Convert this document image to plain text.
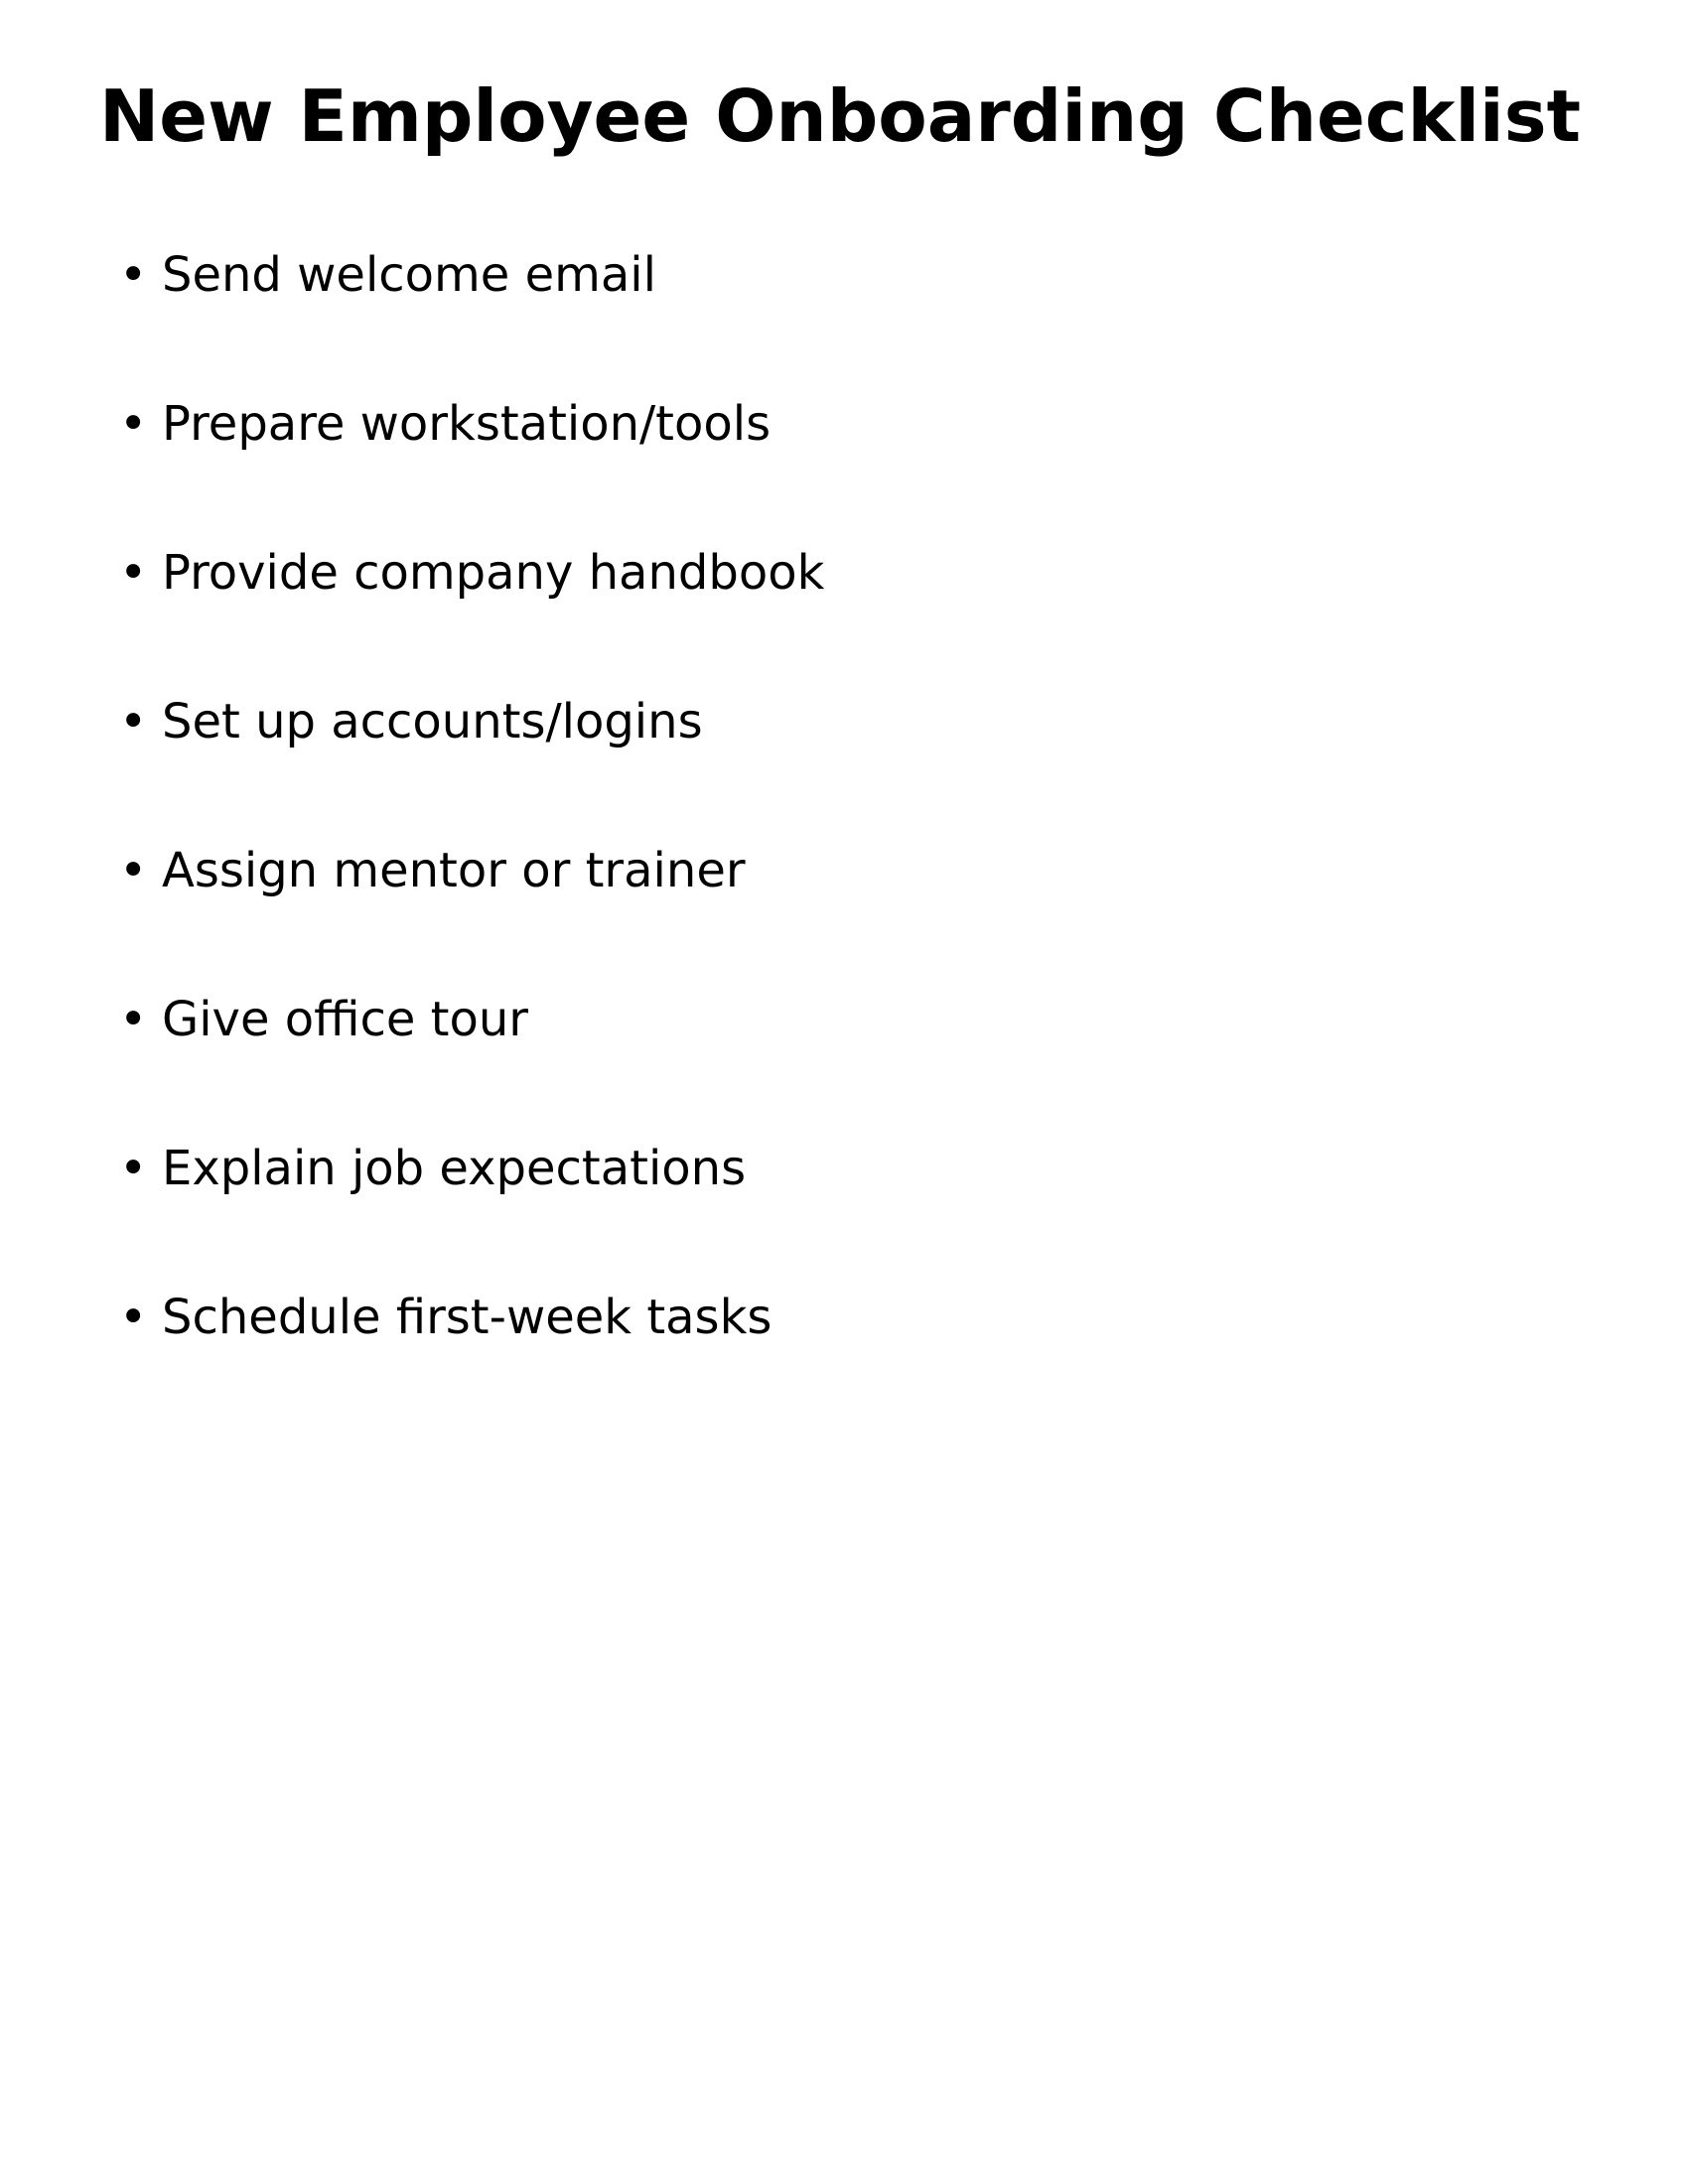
New Employee Onboarding Checklist
• Send welcome email
• Prepare workstation/tools
• Provide company handbook
• Set up accounts/logins
• Assign mentor or trainer
• Give office tour
• Explain job expectations
• Schedule first-week tasks
